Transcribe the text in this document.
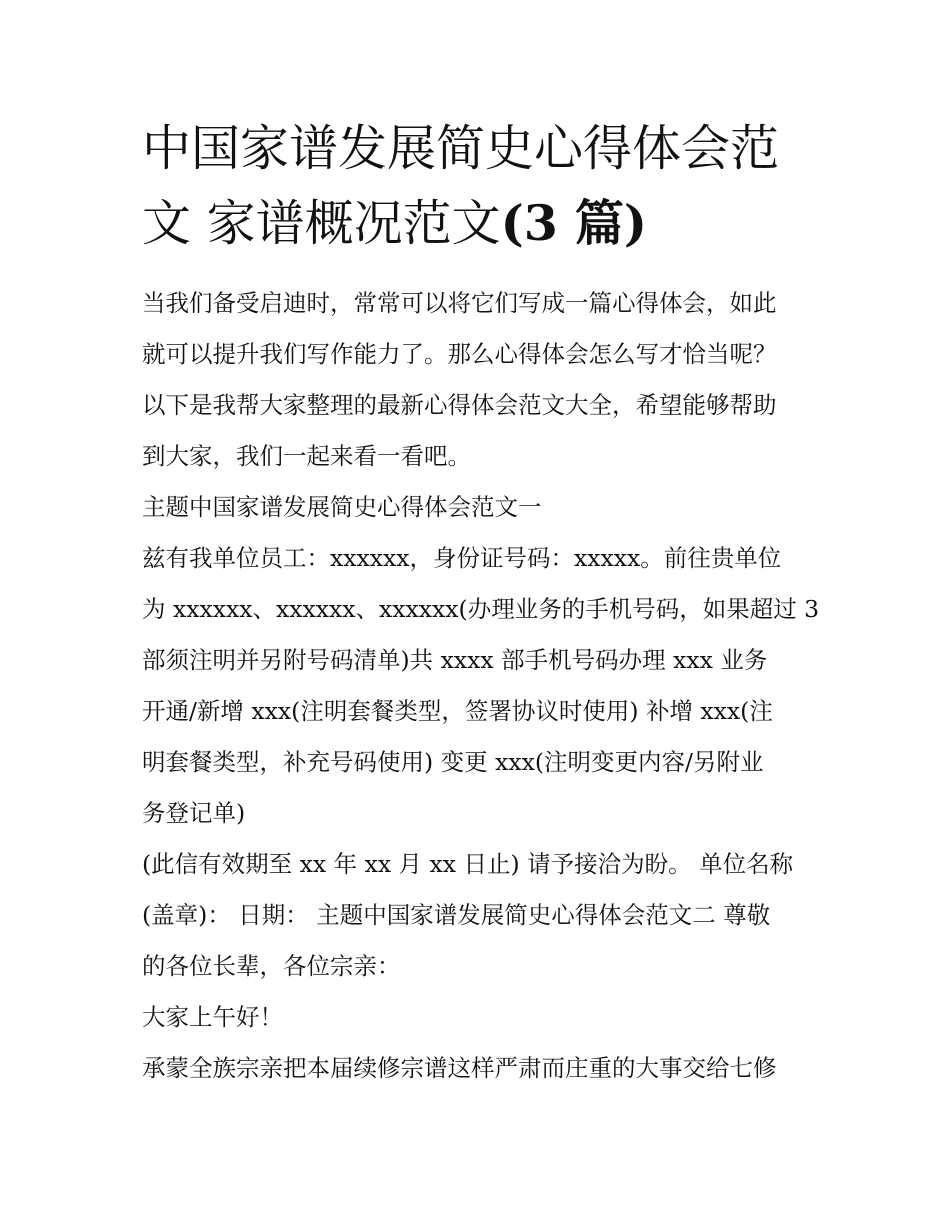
中国家谱发展简史心得体会范
文 家谱概况范文(3 篇)
当我们备受启迪时，常常可以将它们写成一篇心得体会，如此
就可以提升我们写作能力了。那么心得体会怎么写才恰当呢？
以下是我帮大家整理的最新心得体会范文大全，希望能够帮助
到大家，我们一起来看一看吧。
主题中国家谱发展简史心得体会范文一
兹有我单位员工：xxxxxx，身份证号码：xxxxx。前往贵单位
为 xxxxxx、xxxxxx、xxxxxx(办理业务的手机号码，如果超过 3
部须注明并另附号码清单)共 xxxx 部手机号码办理 xxx 业务
开通/新增 xxx(注明套餐类型，签署协议时使用) 补增 xxx(注
明套餐类型，补充号码使用) 变更 xxx(注明变更内容/另附业
务登记单)
(此信有效期至 xx 年 xx 月 xx 日止) 请予接洽为盼。 单位名称
(盖章)： 日期： 主题中国家谱发展简史心得体会范文二 尊敬
的各位长辈，各位宗亲：
大家上午好！
承蒙全族宗亲把本届续修宗谱这样严肃而庄重的大事交给七修
